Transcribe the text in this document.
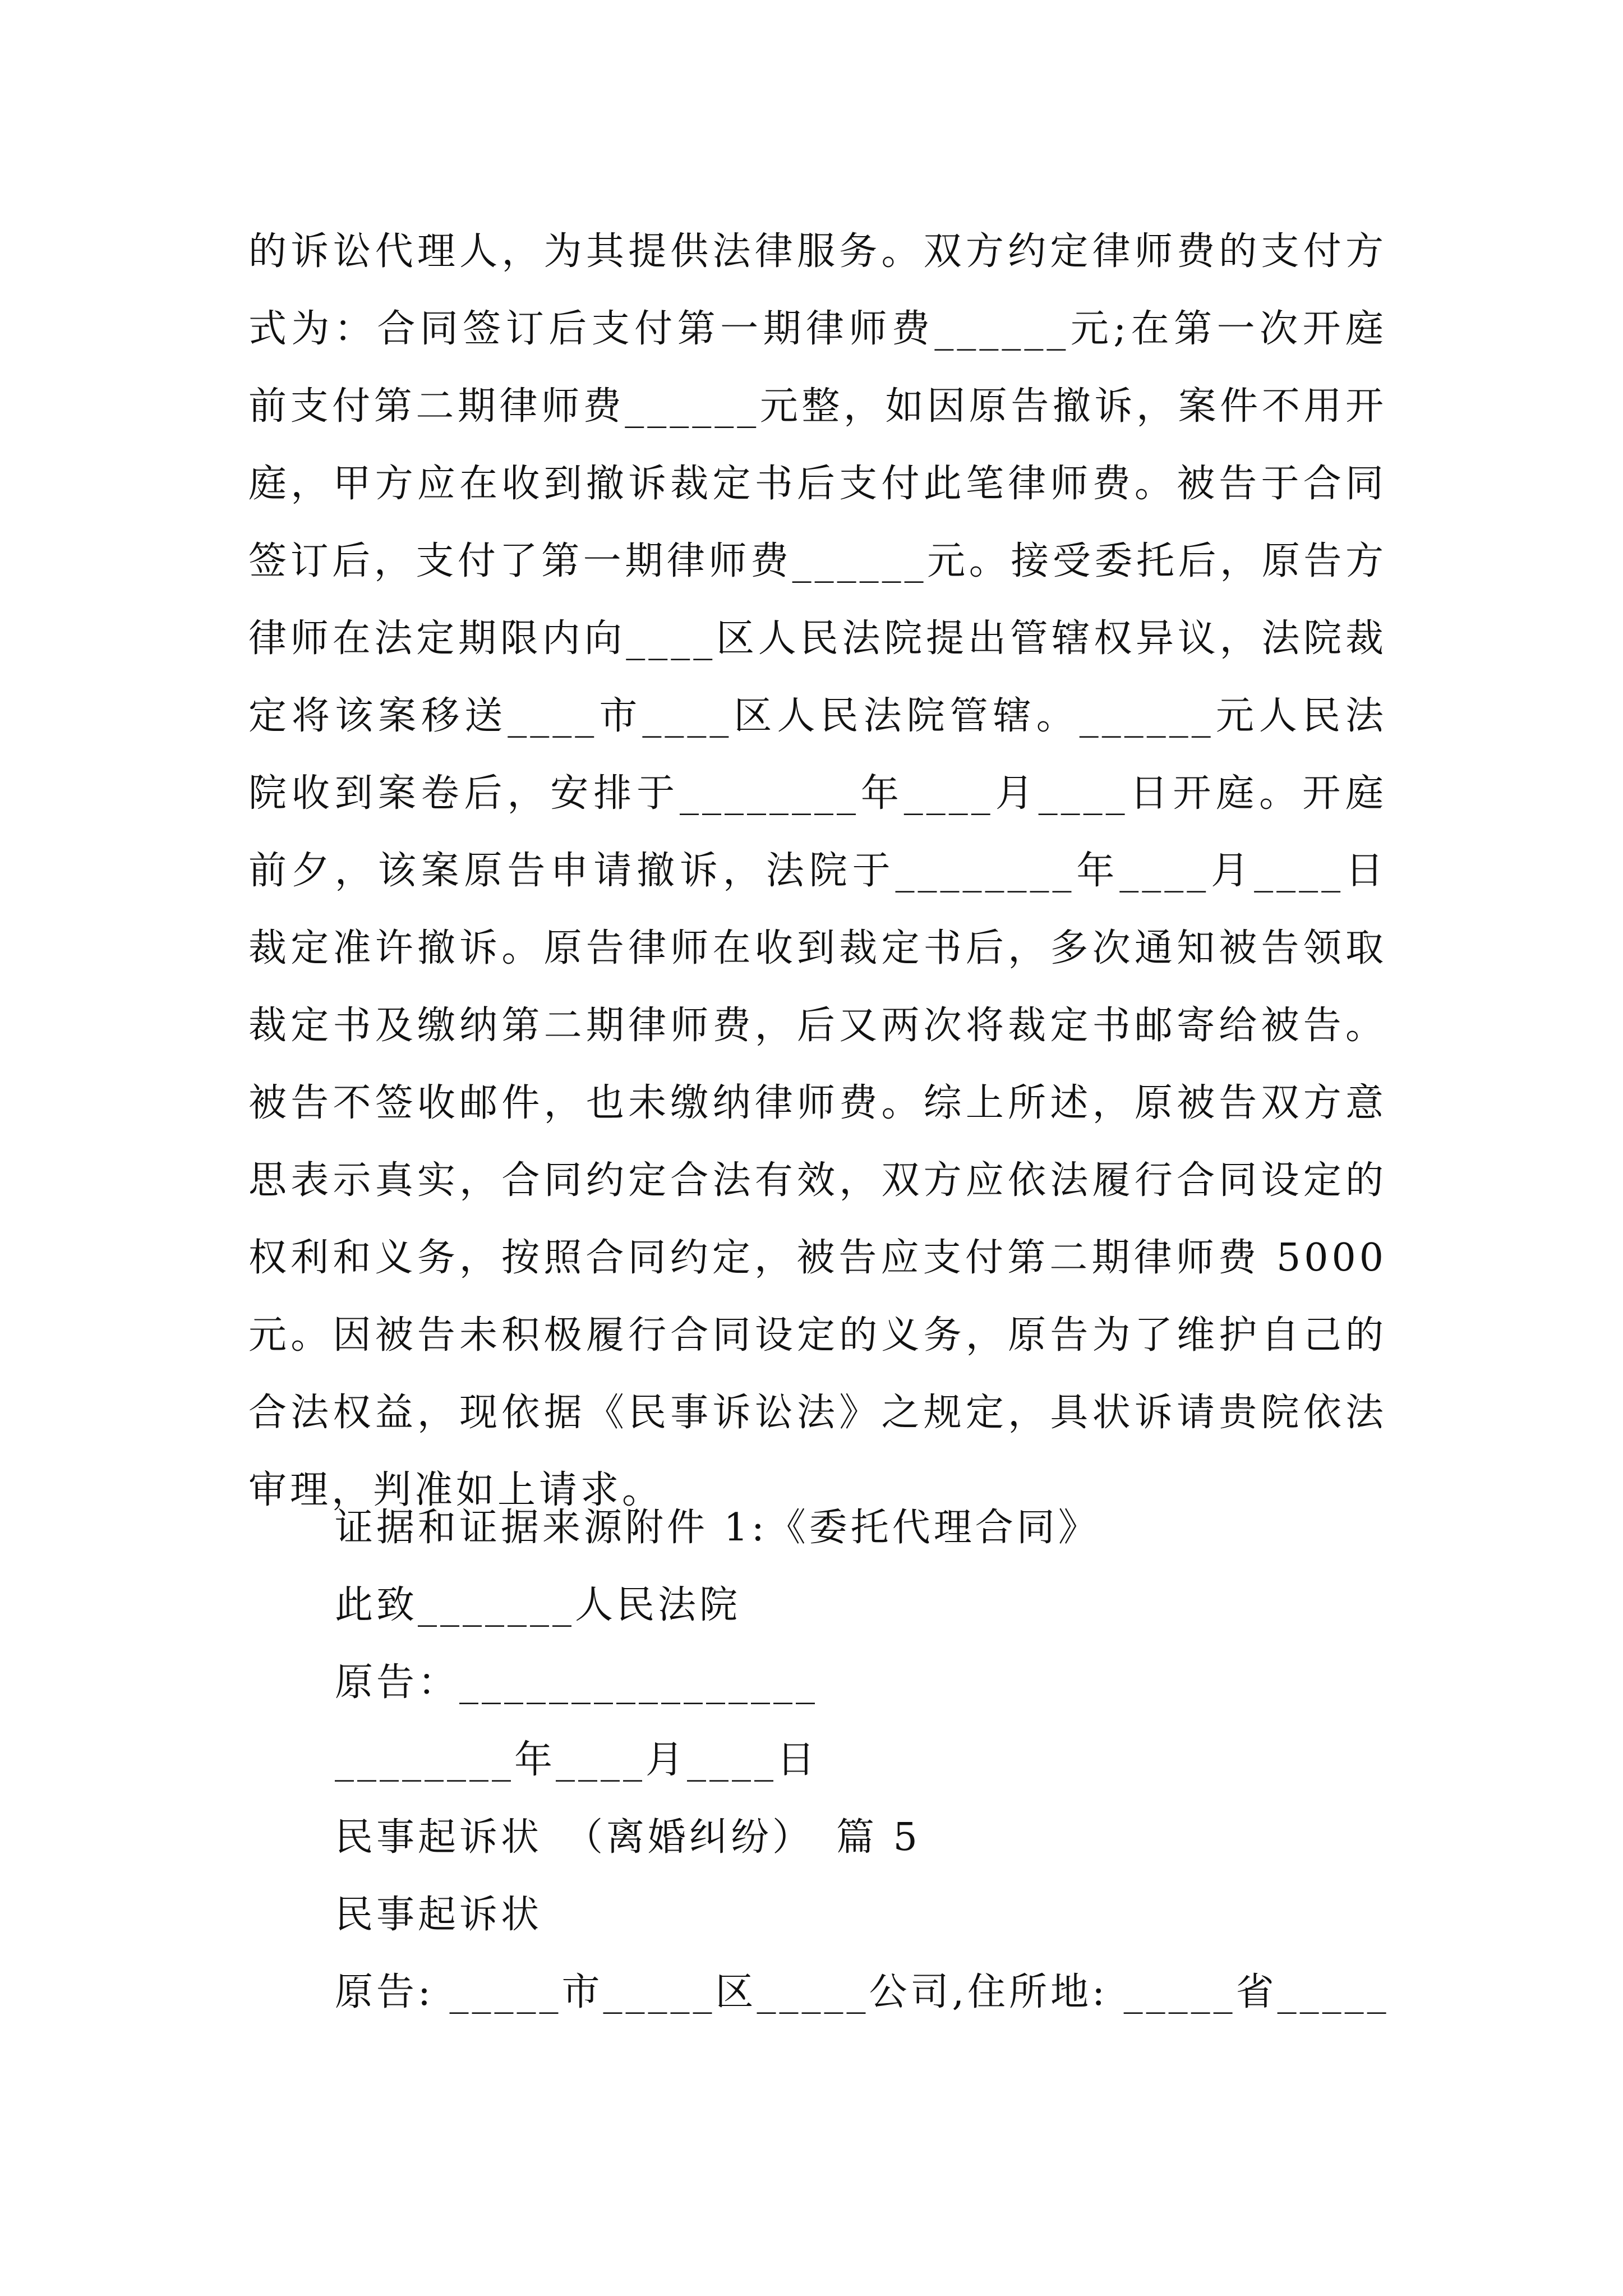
的诉讼代理人，为其提供法律服务。双方约定律师费的支付方式为：合同签订后支付第一期律师费______元;在第一次开庭前支付第二期律师费______元整，如因原告撤诉，案件不用开庭，甲方应在收到撤诉裁定书后支付此笔律师费。被告于合同签订后，支付了第一期律师费______元。接受委托后，原告方律师在法定期限内向____区人民法院提出管辖权异议，法院裁定将该案移送____市____区人民法院管辖。______元人民法院收到案卷后，安排于________年____月____日开庭。开庭前夕，该案原告申请撤诉，法院于________年____月____日裁定准许撤诉。原告律师在收到裁定书后，多次通知被告领取裁定书及缴纳第二期律师费，后又两次将裁定书邮寄给被告。被告不签收邮件，也未缴纳律师费。综上所述，原被告双方意思表示真实，合同约定合法有效，双方应依法履行合同设定的权利和义务，按照合同约定，被告应支付第二期律师费 5000 元。因被告未积极履行合同设定的义务，原告为了维护自己的合法权益，现依据《民事诉讼法》之规定，具状诉请贵院依法审理，判准如上请求。

证据和证据来源附件 1:《委托代理合同》

此致_______人民法院

原告：________________

________年____月____日

民事起诉状　（离婚纠纷）　篇 5

民事起诉状

原告: _____市_____区_____公司,住所地: _____省_____
